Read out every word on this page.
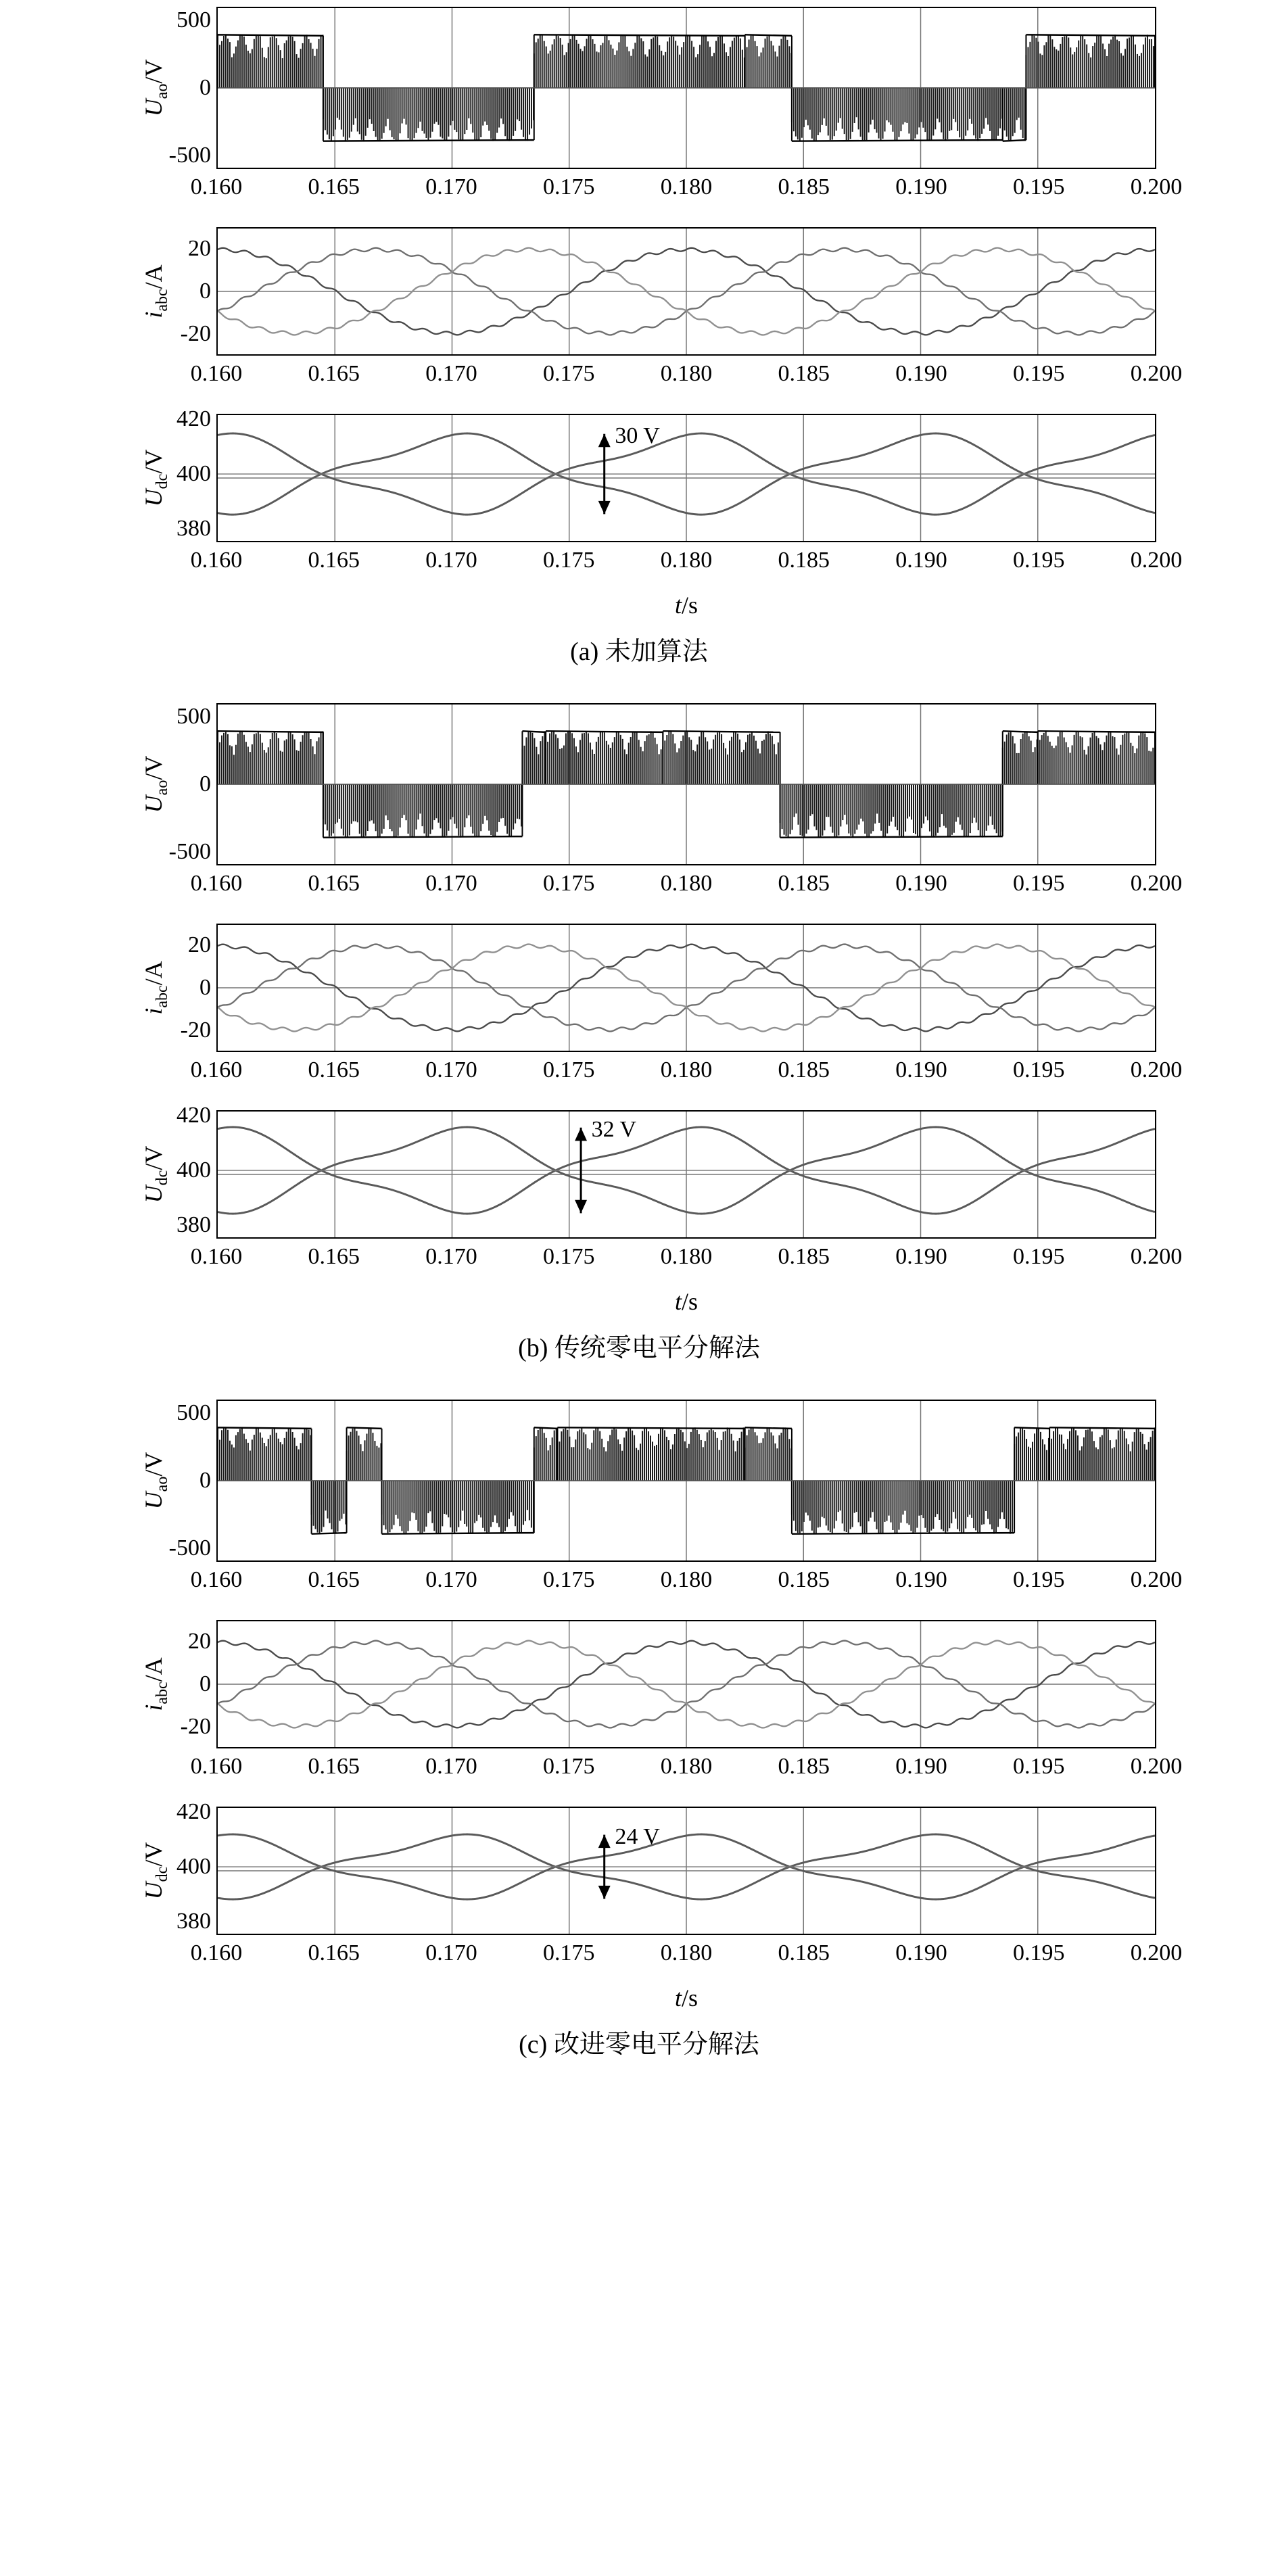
$U_{ao}/V$
500
0
-500
0.160	0.165	0.170	0.175	0.180	0.185	0.190	0.195	0.200
$i_{abc}/A$
20
0
-20
0.160	0.165	0.170	0.175	0.180	0.185	0.190	0.195	0.200
$U_{dc}/V$
420
400
380
30 V
0.160	0.165	0.170	0.175	0.180	0.185	0.190	0.195	0.200
t/s
(a) 未加算法
$U_{ao}/V$
500
0
-500
0.160	0.165	0.170	0.175	0.180	0.185	0.190	0.195	0.200
$i_{abc}/A$
20
0
-20
0.160	0.165	0.170	0.175	0.180	0.185	0.190	0.195	0.200
$U_{dc}/V$
420
400
380
32 V
0.160	0.165	0.170	0.175	0.180	0.185	0.190	0.195	0.200
t/s
(b) 传统零电平分解法
$U_{ao}/V$
500
0
-500
0.160	0.165	0.170	0.175	0.180	0.185	0.190	0.195	0.200
$i_{abc}/A$
20
0
-20
0.160	0.165	0.170	0.175	0.180	0.185	0.190	0.195	0.200
$U_{dc}/V$
420
400
380
24 V
0.160	0.165	0.170	0.175	0.180	0.185	0.190	0.195	0.200
t/s
(c) 改进零电平分解法
